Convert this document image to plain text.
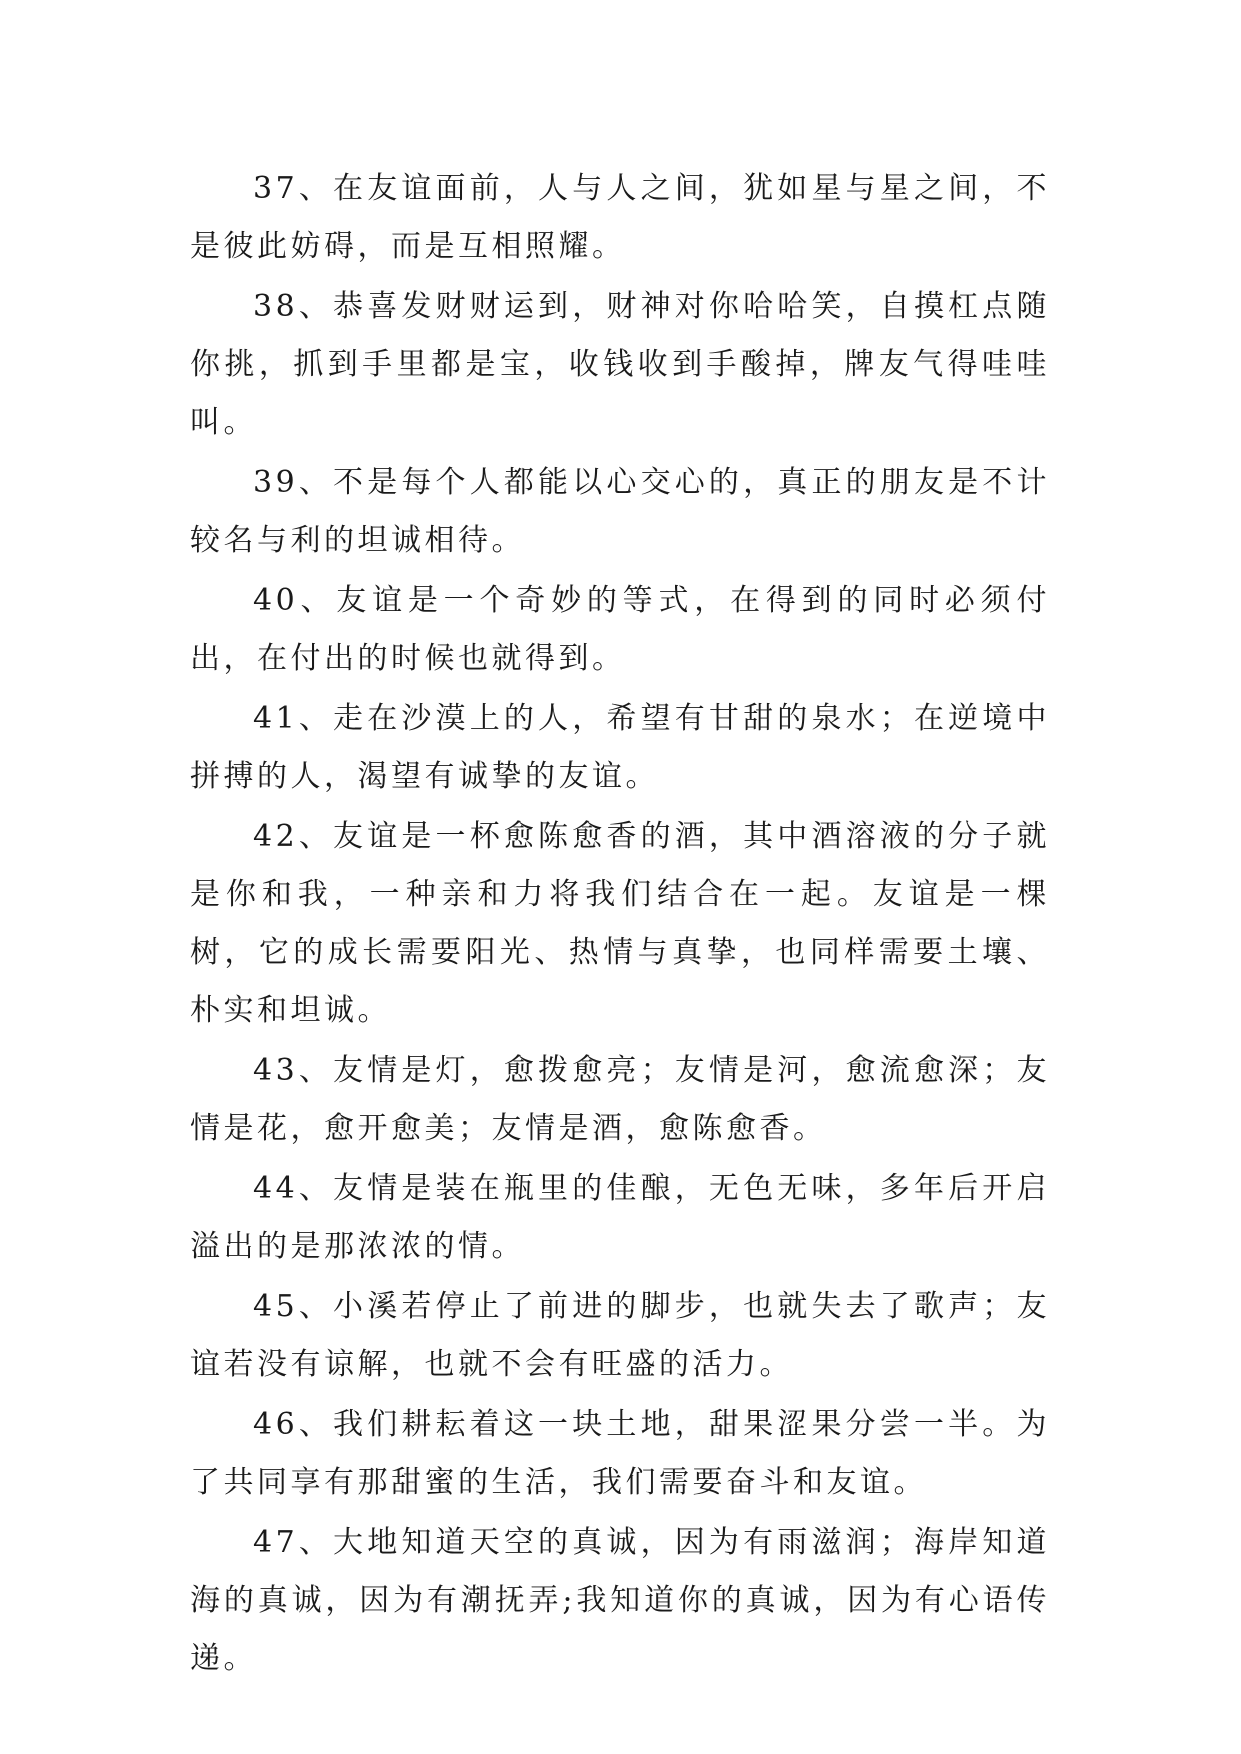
37、在友谊面前，人与人之间，犹如星与星之间，不是彼此妨碍，而是互相照耀。

38、恭喜发财财运到，财神对你哈哈笑，自摸杠点随你挑，抓到手里都是宝，收钱收到手酸掉，牌友气得哇哇叫。

39、不是每个人都能以心交心的，真正的朋友是不计较名与利的坦诚相待。

40、友谊是一个奇妙的等式，在得到的同时必须付出，在付出的时候也就得到。

41、走在沙漠上的人，希望有甘甜的泉水；在逆境中拼搏的人，渴望有诚挚的友谊。

42、友谊是一杯愈陈愈香的酒，其中酒溶液的分子就是你和我，一种亲和力将我们结合在一起。友谊是一棵树，它的成长需要阳光、热情与真挚，也同样需要土壤、朴实和坦诚。

43、友情是灯，愈拨愈亮；友情是河，愈流愈深；友情是花，愈开愈美；友情是酒，愈陈愈香。

44、友情是装在瓶里的佳酿，无色无味，多年后开启溢出的是那浓浓的情。

45、小溪若停止了前进的脚步，也就失去了歌声；友谊若没有谅解，也就不会有旺盛的活力。

46、我们耕耘着这一块土地，甜果涩果分尝一半。为了共同享有那甜蜜的生活，我们需要奋斗和友谊。

47、大地知道天空的真诚，因为有雨滋润；海岸知道海的真诚，因为有潮抚弄;我知道你的真诚，因为有心语传递。
